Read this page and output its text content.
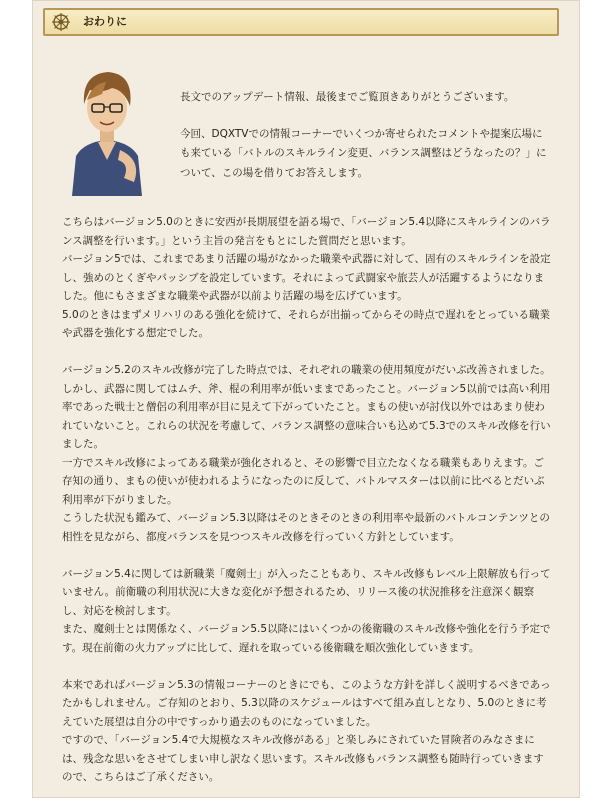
おわりに

長文でのアップデート情報、最後までご覧頂きありがとうございます。

今回、DQXTVでの情報コーナーでいくつか寄せられたコメントや提案広場にも来ている「バトルのスキルライン変更、バランス調整はどうなったの？」について、この場を借りてお答えします。

こちらはバージョン5.0のときに安西が長期展望を語る場で、「バージョン5.4以降にスキルラインのバランス調整を行います。」という主旨の発言をもとにした質問だと思います。
バージョン5では、これまであまり活躍の場がなかった職業や武器に対して、固有のスキルラインを設定し、強めのとくぎやパッシブを設定しています。それによって武闘家や旅芸人が活躍するようになりました。他にもさまざまな職業や武器が以前より活躍の場を広げています。
5.0のときはまずメリハリのある強化を続けて、それらが出揃ってからその時点で遅れをとっている職業や武器を強化する想定でした。

バージョン5.2のスキル改修が完了した時点では、それぞれの職業の使用頻度がだいぶ改善されました。しかし、武器に関してはムチ、斧、棍の利用率が低いままであったこと。バージョン5以前では高い利用率であった戦士と僧侶の利用率が目に見えて下がっていたこと。まもの使いが討伐以外ではあまり使われていないこと。これらの状況を考慮して、バランス調整の意味合いも込めて5.3でのスキル改修を行いました。
一方でスキル改修によってある職業が強化されると、その影響で目立たなくなる職業もありえます。ご存知の通り、まもの使いが使われるようになったのに反して、バトルマスターは以前に比べるとだいぶ利用率が下がりました。
こうした状況も鑑みて、バージョン5.3以降はそのときそのときの利用率や最新のバトルコンテンツとの相性を見ながら、都度バランスを見つつスキル改修を行っていく方針としています。

バージョン5.4に関しては新職業「魔剣士」が入ったこともあり、スキル改修もレベル上限解放も行っていません。前衛職の利用状況に大きな変化が予想されるため、リリース後の状況推移を注意深く観察し、対応を検討します。
また、魔剣士とは関係なく、バージョン5.5以降にはいくつかの後衛職のスキル改修や強化を行う予定です。現在前衛の火力アップに比して、遅れを取っている後衛職を順次強化していきます。

本来であればバージョン5.3の情報コーナーのときにでも、このような方針を詳しく説明するべきであったかもしれません。ご存知のとおり、5.3以降のスケジュールはすべて組み直しとなり、5.0のときに考えていた展望は自分の中ですっかり過去のものになっていました。
ですので、「バージョン5.4で大規模なスキル改修がある」と楽しみにされていた冒険者のみなさまには、残念な思いをさせてしまい申し訳なく思います。スキル改修もバランス調整も随時行っていきますので、こちらはご了承ください。
